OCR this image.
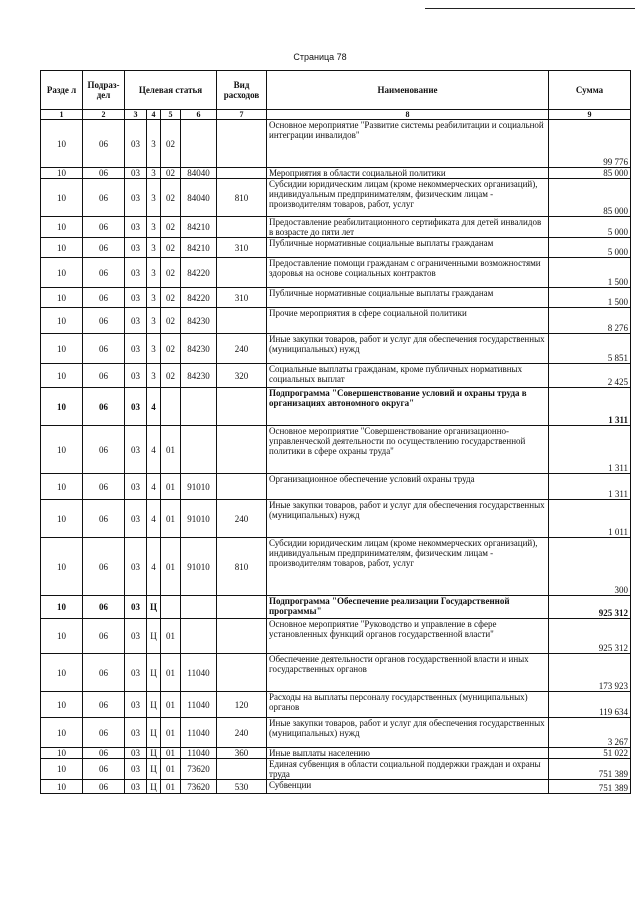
Страница 78
Разде л	Подраз-дел	Целевая статья				Вид расходов	Наименование	Сумма
1	2	3	4	5	6	7	8	9
10	06	03	3	02			Основное мероприятие "Развитие системы реабилитации и социальной интеграции инвалидов"	99 776
10	06	03	3	02	84040		Мероприятия в области социальной политики	85 000
10	06	03	3	02	84040	810	Субсидии юридическим лицам (кроме некоммерческих организаций), индивидуальным предпринимателям, физическим лицам - производителям товаров, работ, услуг	85 000
10	06	03	3	02	84210		Предоставление реабилитационного сертификата для детей инвалидов в возрасте до пяти лет	5 000
10	06	03	3	02	84210	310	Публичные нормативные социальные выплаты гражданам	5 000
10	06	03	3	02	84220		Предоставление помощи гражданам с ограниченными возможностями здоровья на основе социальных контрактов	1 500
10	06	03	3	02	84220	310	Публичные нормативные социальные выплаты гражданам	1 500
10	06	03	3	02	84230		Прочие мероприятия в сфере социальной политики	8 276
10	06	03	3	02	84230	240	Иные закупки товаров, работ и услуг для обеспечения государственных (муниципальных) нужд	5 851
10	06	03	3	02	84230	320	Социальные выплаты гражданам, кроме публичных нормативных социальных выплат	2 425
10	06	03	4				Подпрограмма "Совершенствование условий и охраны труда в организациях автономного округа"	1 311
10	06	03	4	01			Основное мероприятие "Совершенствование организационно-управленческой деятельности по осуществлению государственной политики в сфере охраны труда"	1 311
10	06	03	4	01	91010		Организационное обеспечение условий охраны труда	1 311
10	06	03	4	01	91010	240	Иные закупки товаров, работ и услуг для обеспечения государственных (муниципальных) нужд	1 011
10	06	03	4	01	91010	810	Субсидии юридическим лицам (кроме некоммерческих организаций), индивидуальным предпринимателям, физическим лицам - производителям товаров, работ, услуг	300
10	06	03	Ц				Подпрограмма "Обеспечение реализации Государственной программы"	925 312
10	06	03	Ц	01			Основное мероприятие "Руководство и управление в сфере установленных функций органов государственной власти"	925 312
10	06	03	Ц	01	11040		Обеспечение деятельности органов государственной власти и иных государственных органов	173 923
10	06	03	Ц	01	11040	120	Расходы на выплаты персоналу государственных (муниципальных) органов	119 634
10	06	03	Ц	01	11040	240	Иные закупки товаров, работ и услуг для обеспечения государственных (муниципальных) нужд	3 267
10	06	03	Ц	01	11040	360	Иные выплаты населению	51 022
10	06	03	Ц	01	73620		Единая субвенция в области социальной поддержки граждан и охраны труда	751 389
10	06	03	Ц	01	73620	530	Субвенции	751 389
